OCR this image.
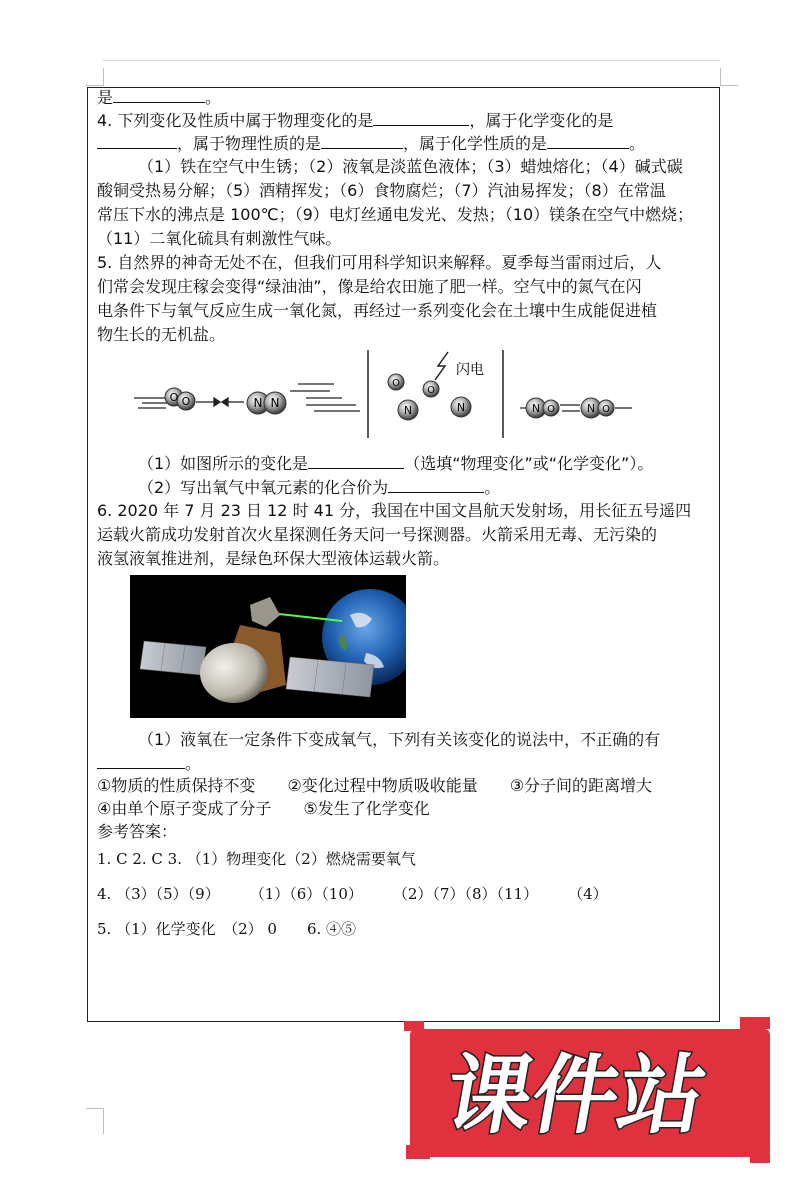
是	。
4. 下列变化及性质中属于物理变化的是	，属于化学变化的是
，属于物理性质的是	，属于化学性质的是	。
（1）铁在空气中生锈；（2）液氧是淡蓝色液体；（3）蜡烛熔化；（4）碱式碳
酸铜受热易分解；（5）酒精挥发；（6）食物腐烂；（7）汽油易挥发；（8）在常温
常压下水的沸点是 100℃；（9）电灯丝通电发光、发热；（10）镁条在空气中燃烧；
（11）二氧化硫具有刺激性气味。
5. 自然界的神奇无处不在，但我们可用科学知识来解释。夏季每当雷雨过后，人
们常会发现庄稼会变得“绿油油”，像是给农田施了肥一样。空气中的氮气在闪
电条件下与氧气反应生成一氧化氮，再经过一系列变化会在土壤中生成能促进植
物生长的无机盐。
O O	N N
O
N
O
N
闪电
N O	N O
（1）如图所示的变化是	（选填“物理变化”或“化学变化”）。
（2）写出氧气中氧元素的化合价为	。
6. 2020 年 7 月 23 日 12 时 41 分，我国在中国文昌航天发射场，用长征五号遥四
运载火箭成功发射首次火星探测任务天问一号探测器。火箭采用无毒、无污染的
液氢液氧推进剂，是绿色环保大型液体运载火箭。
（1）液氧在一定条件下变成氧气，下列有关该变化的说法中，不正确的有
。
①物质的性质保持不变　　②变化过程中物质吸收能量　　③分子间的距离增大
④由单个原子变成了分子　　⑤发生了化学变化
参考答案：
1. C 2. C 3. （1）物理变化（2）燃烧需要氧气
4. （3）（5）（9）　　　（1）（6）（10）　　　（2）（7）（8）（11）　　　（4）
5. （1）化学变化　（2） 0　　6. ④⑤
课件站
